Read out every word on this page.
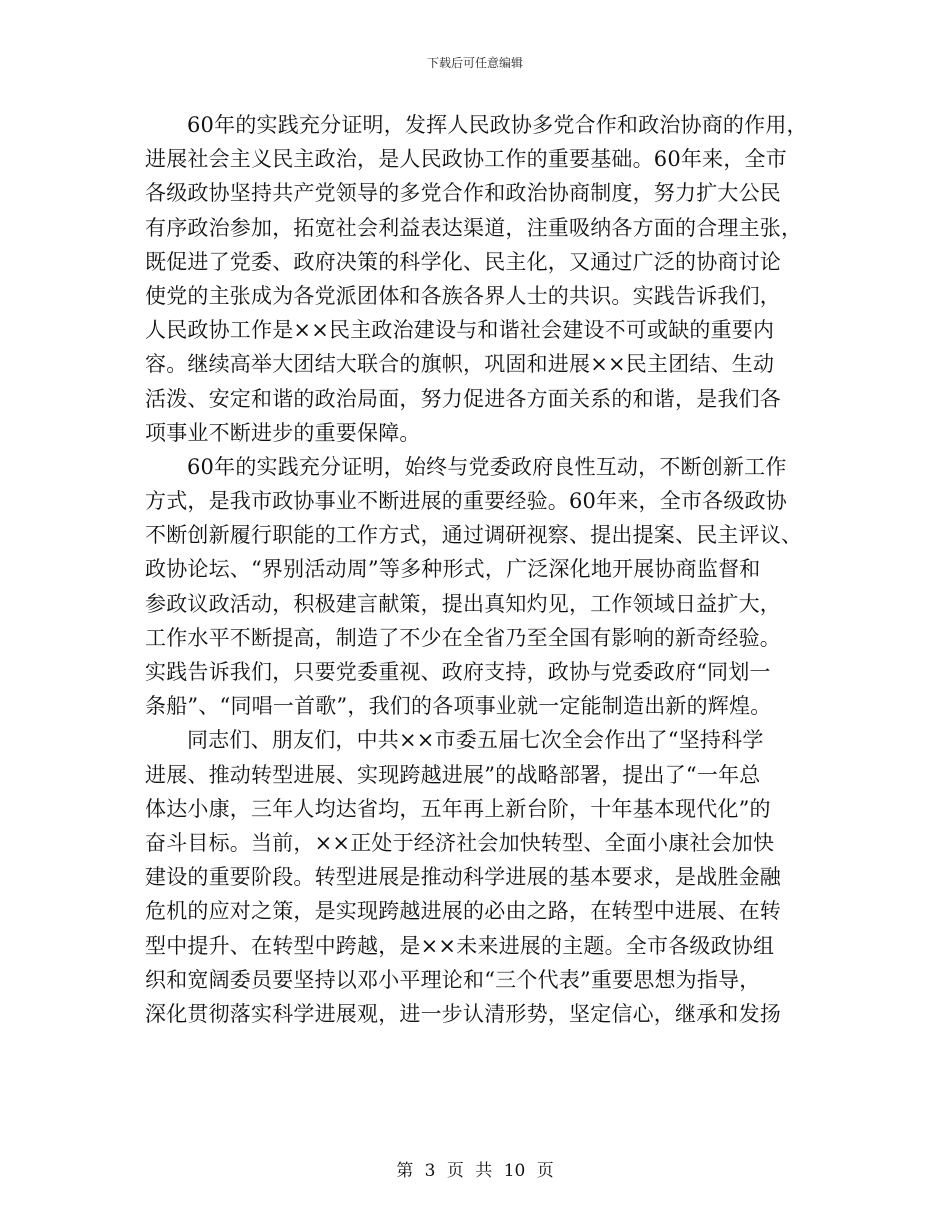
下载后可任意编辑
60年的实践充分证明，发挥人民政协多党合作和政治协商的作用，
进展社会主义民主政治，是人民政协工作的重要基础。60年来，全市
各级政协坚持共产党领导的多党合作和政治协商制度，努力扩大公民
有序政治参加，拓宽社会利益表达渠道，注重吸纳各方面的合理主张，
既促进了党委、政府决策的科学化、民主化，又通过广泛的协商讨论
使党的主张成为各党派团体和各族各界人士的共识。实践告诉我们，
人民政协工作是××民主政治建设与和谐社会建设不可或缺的重要内
容。继续高举大团结大联合的旗帜，巩固和进展××民主团结、生动
活泼、安定和谐的政治局面，努力促进各方面关系的和谐，是我们各
项事业不断进步的重要保障。
60年的实践充分证明，始终与党委政府良性互动，不断创新工作
方式，是我市政协事业不断进展的重要经验。60年来，全市各级政协
不断创新履行职能的工作方式，通过调研视察、提出提案、民主评议、
政协论坛、“界别活动周”等多种形式，广泛深化地开展协商监督和
参政议政活动，积极建言献策，提出真知灼见，工作领域日益扩大，
工作水平不断提高，制造了不少在全省乃至全国有影响的新奇经验。
实践告诉我们，只要党委重视、政府支持，政协与党委政府“同划一
条船”、“同唱一首歌”，我们的各项事业就一定能制造出新的辉煌。
同志们、朋友们，中共××市委五届七次全会作出了“坚持科学
进展、推动转型进展、实现跨越进展”的战略部署，提出了“一年总
体达小康，三年人均达省均，五年再上新台阶，十年基本现代化”的
奋斗目标。当前，××正处于经济社会加快转型、全面小康社会加快
建设的重要阶段。转型进展是推动科学进展的基本要求，是战胜金融
危机的应对之策，是实现跨越进展的必由之路，在转型中进展、在转
型中提升、在转型中跨越，是××未来进展的主题。全市各级政协组
织和宽阔委员要坚持以邓小平理论和“三个代表”重要思想为指导，
深化贯彻落实科学进展观，进一步认清形势，坚定信心，继承和发扬
第 3 页 共 10 页
